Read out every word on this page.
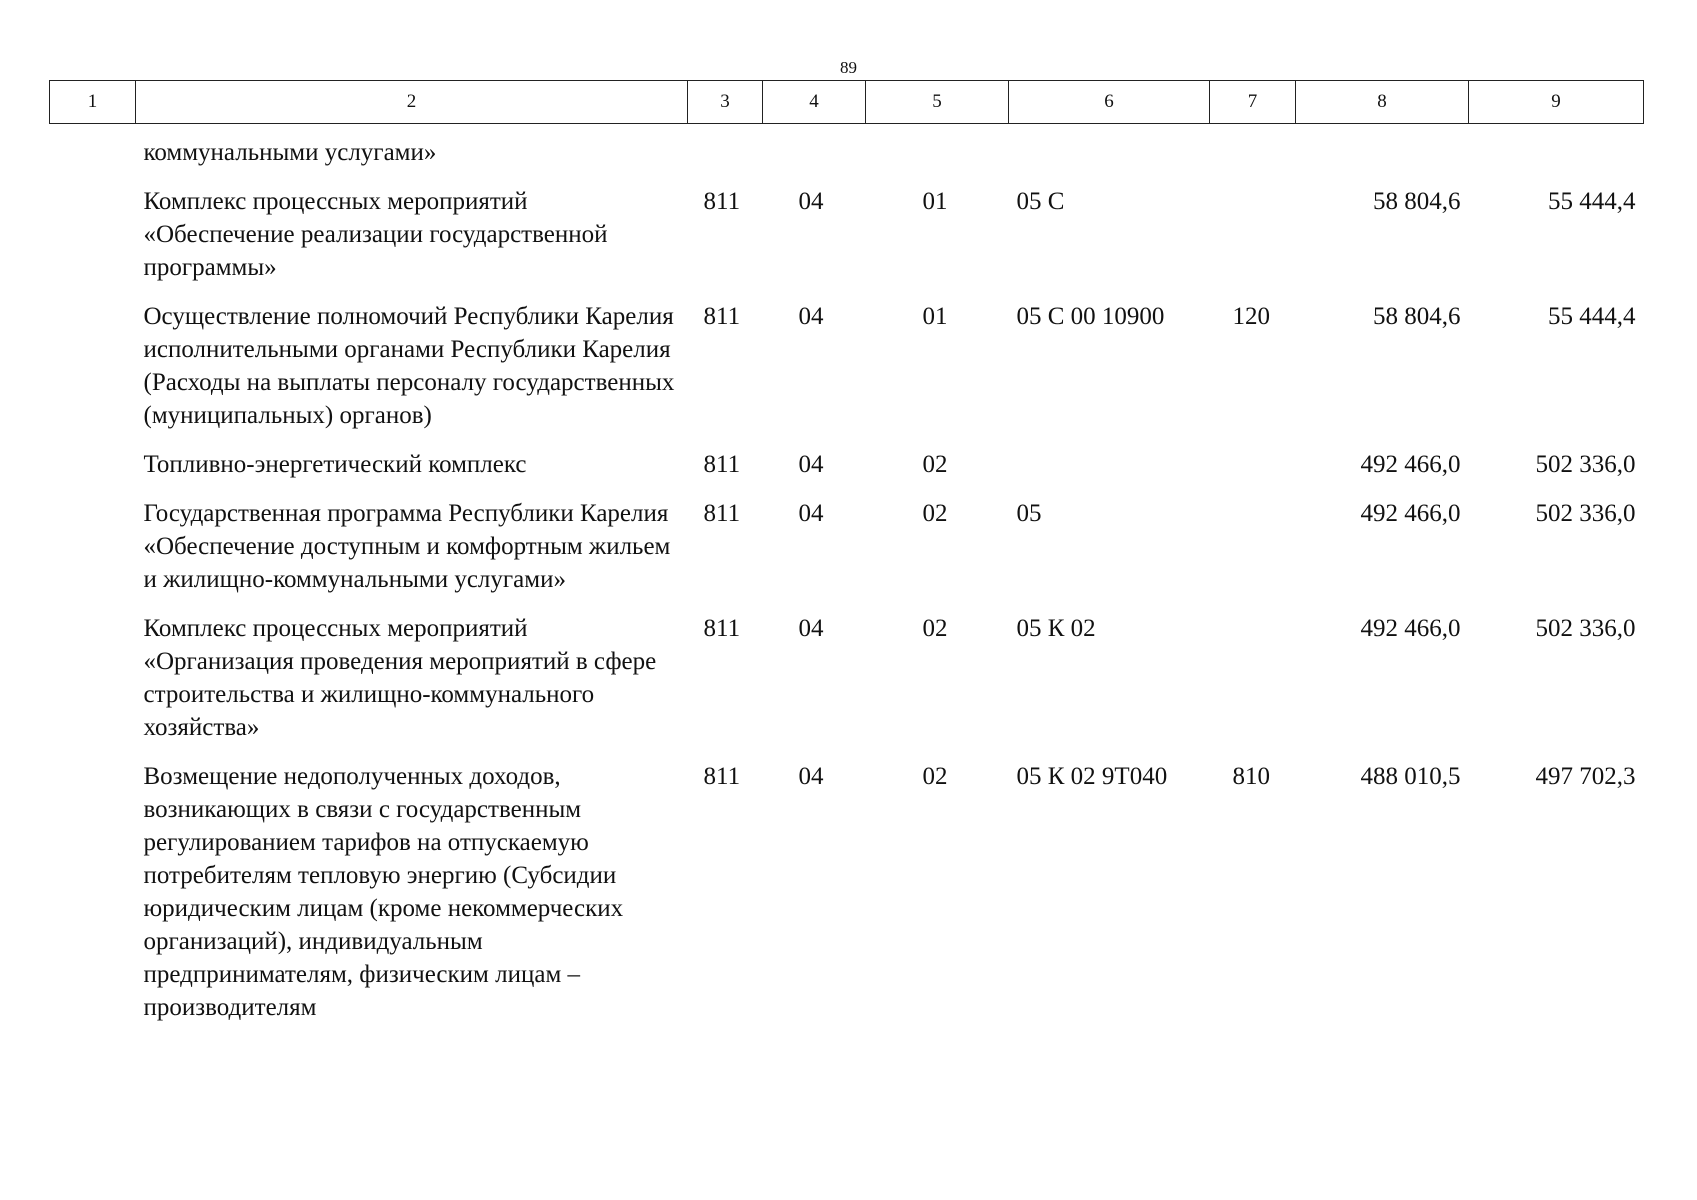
89
1	2	3	4	5	6	7	8	9
	коммунальными услугами»							
	Комплекс процессных мероприятий «Обеспечение реализации государственной программы»	811	04	01	05 С		58 804,6	55 444,4
	Осуществление полномочий Республики Карелия исполнительными органами Республики Карелия (Расходы на выплаты персоналу государственных (муниципальных) органов)	811	04	01	05 С 00 10900	120	58 804,6	55 444,4
	Топливно-энергетический комплекс	811	04	02			492 466,0	502 336,0
	Государственная программа Республики Карелия «Обеспечение доступным и комфортным жильем и жилищно-коммунальными услугами»	811	04	02	05		492 466,0	502 336,0
	Комплекс процессных мероприятий «Организация проведения мероприятий в сфере строительства и жилищно-коммунального хозяйства»	811	04	02	05 К 02		492 466,0	502 336,0
	Возмещение недополученных доходов, возникающих в связи с государственным регулированием тарифов на отпускаемую потребителям тепловую энергию (Субсидии юридическим лицам (кроме некоммерческих организаций), индивидуальным предпринимателям, физическим лицам – производителям	811	04	02	05 К 02 9Т040	810	488 010,5	497 702,3
